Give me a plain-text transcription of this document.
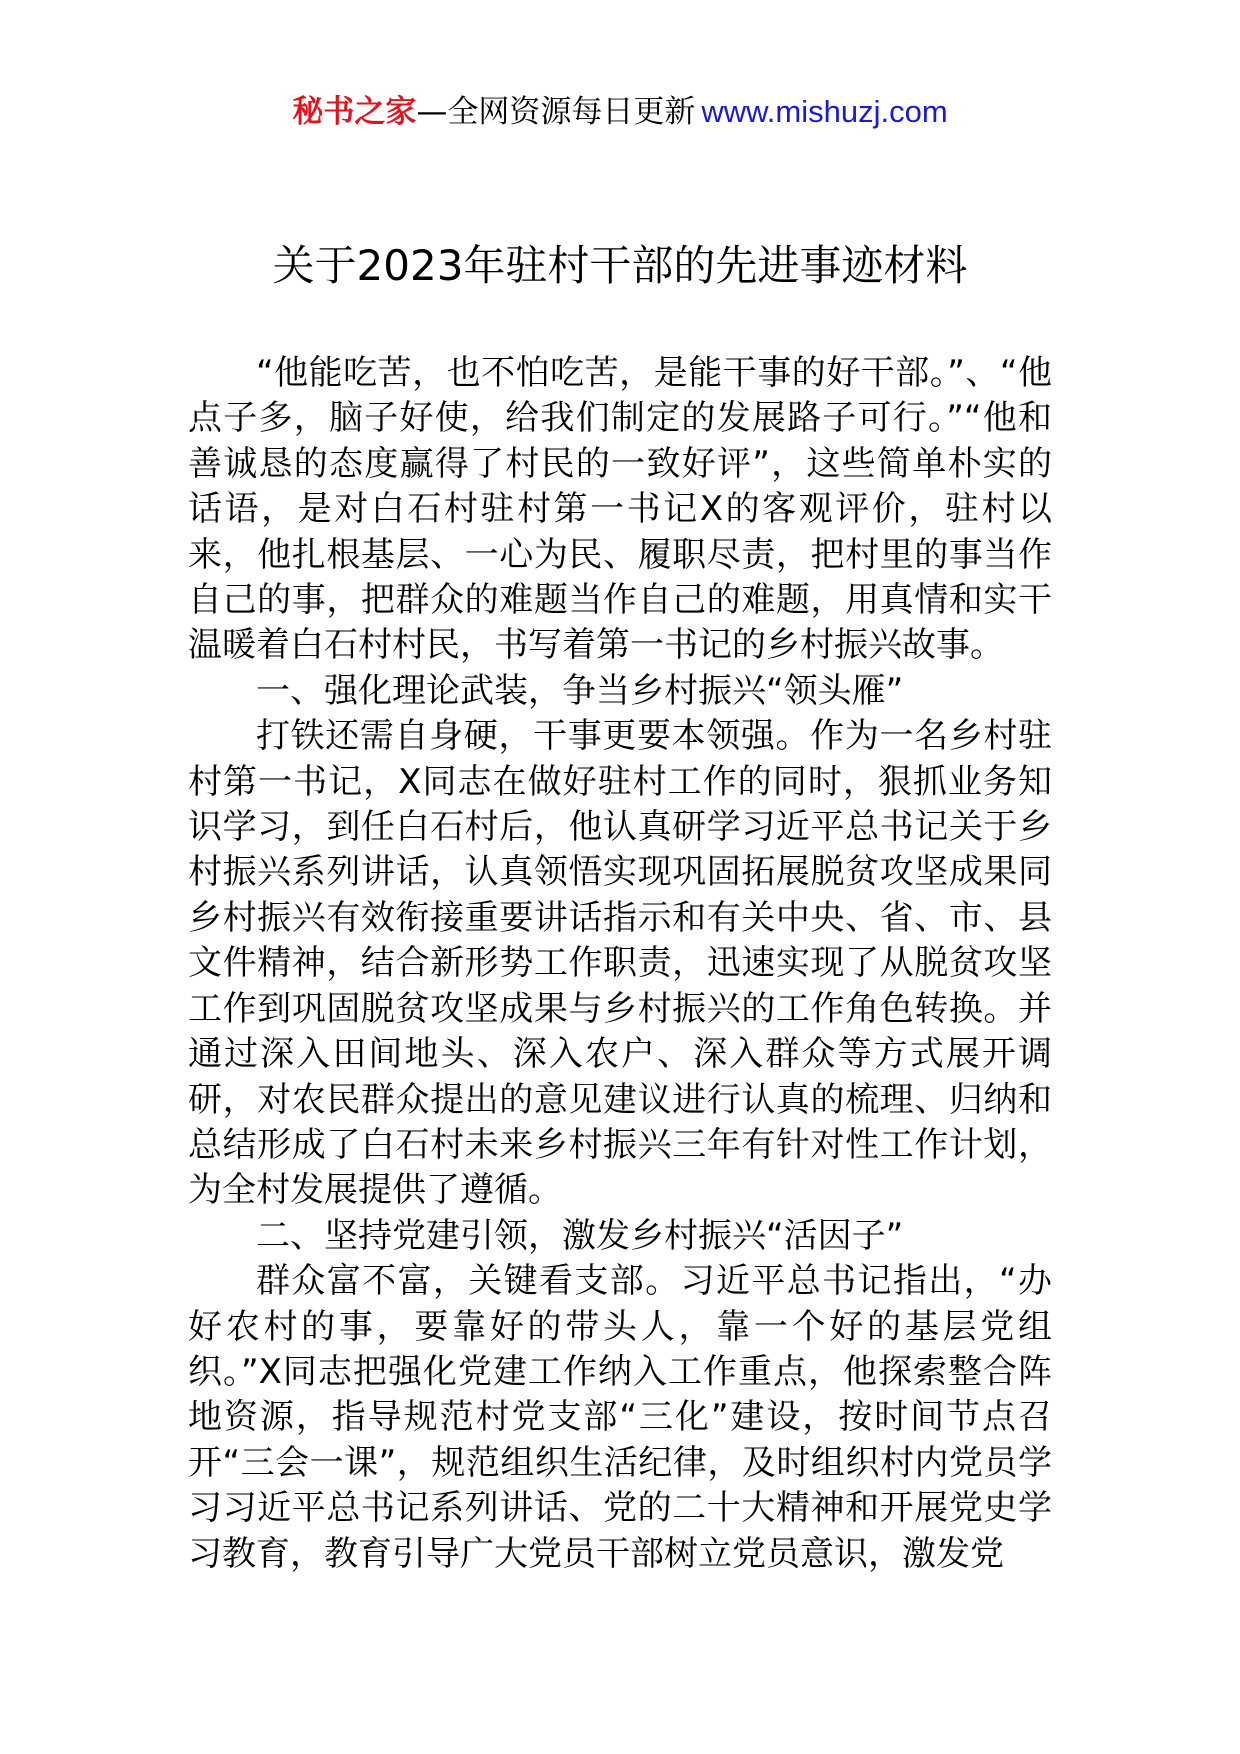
秘书之家—全网资源每日更新 www.mishuzj.com
关于2023年驻村干部的先进事迹材料

“他能吃苦，也不怕吃苦，是能干事的好干部。”、“他点子多，脑子好使，给我们制定的发展路子可行。”“他和善诚恳的态度赢得了村民的一致好评”，这些简单朴实的话语，是对白石村驻村第一书记X的客观评价，驻村以来，他扎根基层、一心为民、履职尽责，把村里的事当作自己的事，把群众的难题当作自己的难题，用真情和实干温暖着白石村村民，书写着第一书记的乡村振兴故事。

一、强化理论武装，争当乡村振兴“领头雁”

打铁还需自身硬，干事更要本领强。作为一名乡村驻村第一书记，X同志在做好驻村工作的同时，狠抓业务知识学习，到任白石村后，他认真研学习近平总书记关于乡村振兴系列讲话，认真领悟实现巩固拓展脱贫攻坚成果同乡村振兴有效衔接重要讲话指示和有关中央、省、市、县文件精神，结合新形势工作职责，迅速实现了从脱贫攻坚工作到巩固脱贫攻坚成果与乡村振兴的工作角色转换。并通过深入田间地头、深入农户、深入群众等方式展开调研，对农民群众提出的意见建议进行认真的梳理、归纳和总结形成了白石村未来乡村振兴三年有针对性工作计划，为全村发展提供了遵循。

二、坚持党建引领，激发乡村振兴“活因子”

群众富不富，关键看支部。习近平总书记指出，“办好农村的事，要靠好的带头人，靠一个好的基层党组织。”X同志把强化党建工作纳入工作重点，他探索整合阵地资源，指导规范村党支部“三化”建设，按时间节点召开“三会一课”，规范组织生活纪律，及时组织村内党员学习习近平总书记系列讲话、党的二十大精神和开展党史学习教育，教育引导广大党员干部树立党员意识，激发党
